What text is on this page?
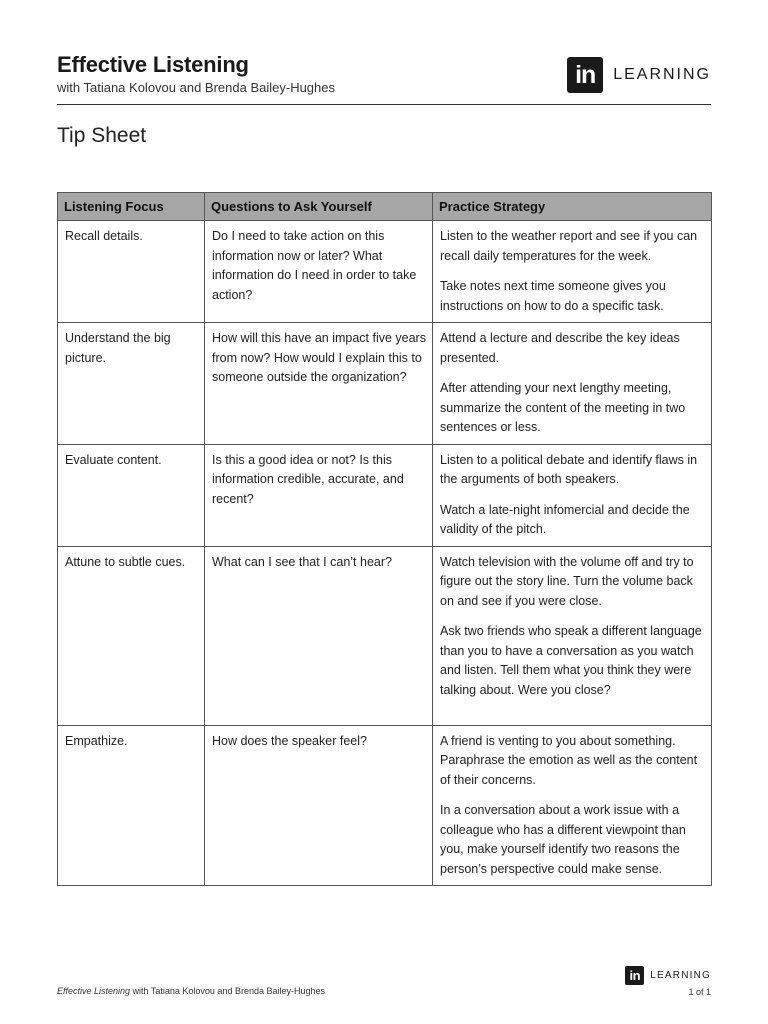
Effective Listening
with Tatiana Kolovou and Brenda Bailey-Hughes	in	LEARNING
Tip Sheet
Listening Focus	Questions to Ask Yourself	Practice Strategy
Recall details.	Do I need to take action on this information now or later? What information do I need in order to take action?	Listen to the weather report and see if you can recall daily temperatures for the week.

Take notes next time someone gives you instructions on how to do a specific task.

Understand the big picture.	How will this have an impact five years from now? How would I explain this to someone outside the organization?	Attend a lecture and describe the key ideas presented.

After attending your next lengthy meeting, summarize the content of the meeting in two sentences or less.

Evaluate content.	Is this a good idea or not? Is this information credible, accurate, and recent?	Listen to a political debate and identify flaws in the arguments of both speakers.

Watch a late-night infomercial and decide the validity of the pitch.

Attune to subtle cues.	What can I see that I can’t hear?	Watch television with the volume off and try to figure out the story line. Turn the volume back on and see if you were close.

Ask two friends who speak a different language than you to have a conversation as you watch and listen. Tell them what you think they were talking about. Were you close?

Empathize.	How does the speaker feel?	A friend is venting to you about something. Paraphrase the emotion as well as the content of their concerns.

In a conversation about a work issue with a colleague who has a different viewpoint than you, make yourself identify two reasons the person’s perspective could make sense.

Effective Listening with Tatiana Kolovou and Brenda Bailey-Hughes
in	LEARNING
1 of 1
